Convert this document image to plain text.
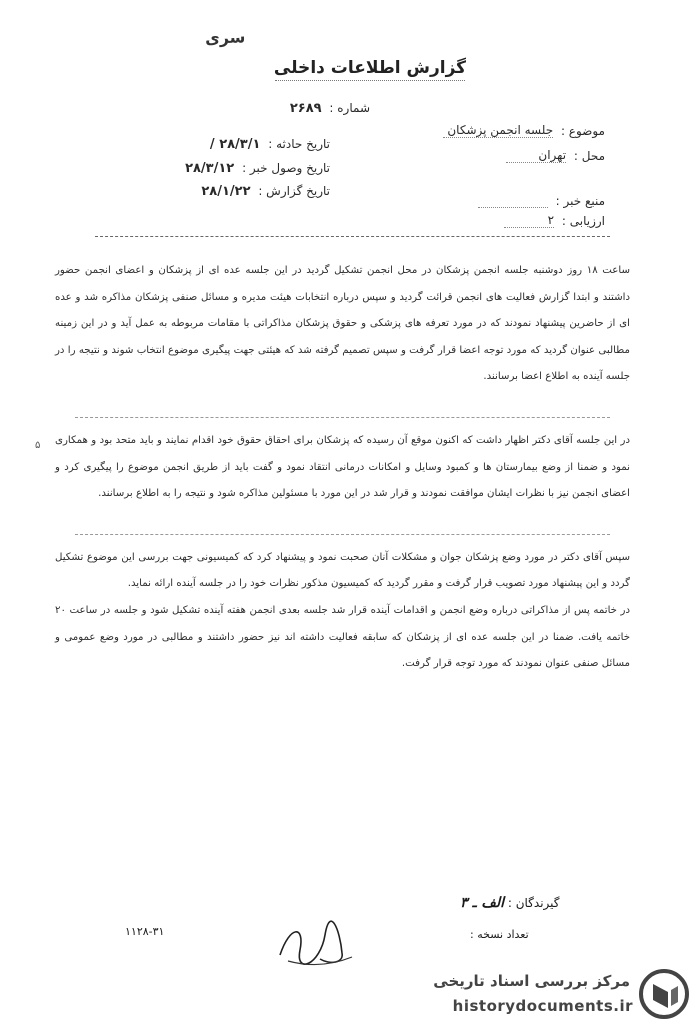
سری
گزارش اطلاعات داخلی
موضوع : جلسه انجمن پزشکان
محل : تهران
منبع خبر :
ارزیابی : ۲
شماره : ۲۶۸۹
تاریخ حادثه : ۲۸/۳/۱ /
تاریخ وصول خبر : ۲۸/۳/۱۲
تاریخ گزارش : ۲۸/۱/۲۲

ساعت ۱۸ روز دوشنبه جلسه انجمن پزشکان در محل انجمن تشکیل گردید در این جلسه عده ای از پزشکان و اعضای انجمن حضور داشتند و ابتدا گزارش فعالیت های انجمن قرائت گردید و سپس درباره انتخابات هیئت مدیره و مسائل صنفی پزشکان مذاکره شد و عده ای از حاضرین پیشنهاد نمودند که در مورد تعرفه های پزشکی و حقوق پزشکان مذاکراتی با مقامات مربوطه به عمل آید و در این زمینه مطالبی عنوان گردید که مورد توجه اعضا قرار گرفت و سپس تصمیم گرفته شد که هیئتی جهت پیگیری موضوع انتخاب شوند و نتیجه را در جلسه آینده به اطلاع اعضا برسانند.

در این جلسه آقای دکتر اظهار داشت که اکنون موقع آن رسیده که پزشکان برای احقاق حقوق خود اقدام نمایند و باید متحد بود و همکاری نمود و ضمنا از وضع بیمارستان ها و کمبود وسایل و امکانات درمانی انتقاد نمود و گفت باید از طریق انجمن موضوع را پیگیری کرد و اعضای انجمن نیز با نظرات ایشان موافقت نمودند و قرار شد در این مورد با مسئولین مذاکره شود و نتیجه را به اطلاع برسانند.

سپس آقای دکتر در مورد وضع پزشکان جوان و مشکلات آنان صحبت نمود و پیشنهاد کرد که کمیسیونی جهت بررسی این موضوع تشکیل گردد و این پیشنهاد مورد تصویب قرار گرفت و مقرر گردید که کمیسیون مذکور نظرات خود را در جلسه آینده ارائه نماید.

در خاتمه پس از مذاکراتی درباره وضع انجمن و اقدامات آینده قرار شد جلسه بعدی انجمن هفته آینده تشکیل شود و جلسه در ساعت ۲۰ خاتمه یافت. ضمنا در این جلسه عده ای از پزشکان که سابقه فعالیت داشته اند نیز حضور داشتند و مطالبی در مورد وضع عمومی و مسائل صنفی عنوان نمودند که مورد توجه قرار گرفت.

۵
گیرندگان : الف ـ ۳
تعداد نسخه :
۱۱۲۸-۳۱
مرکز بررسی اسناد تاریخی
historydocuments.ir
